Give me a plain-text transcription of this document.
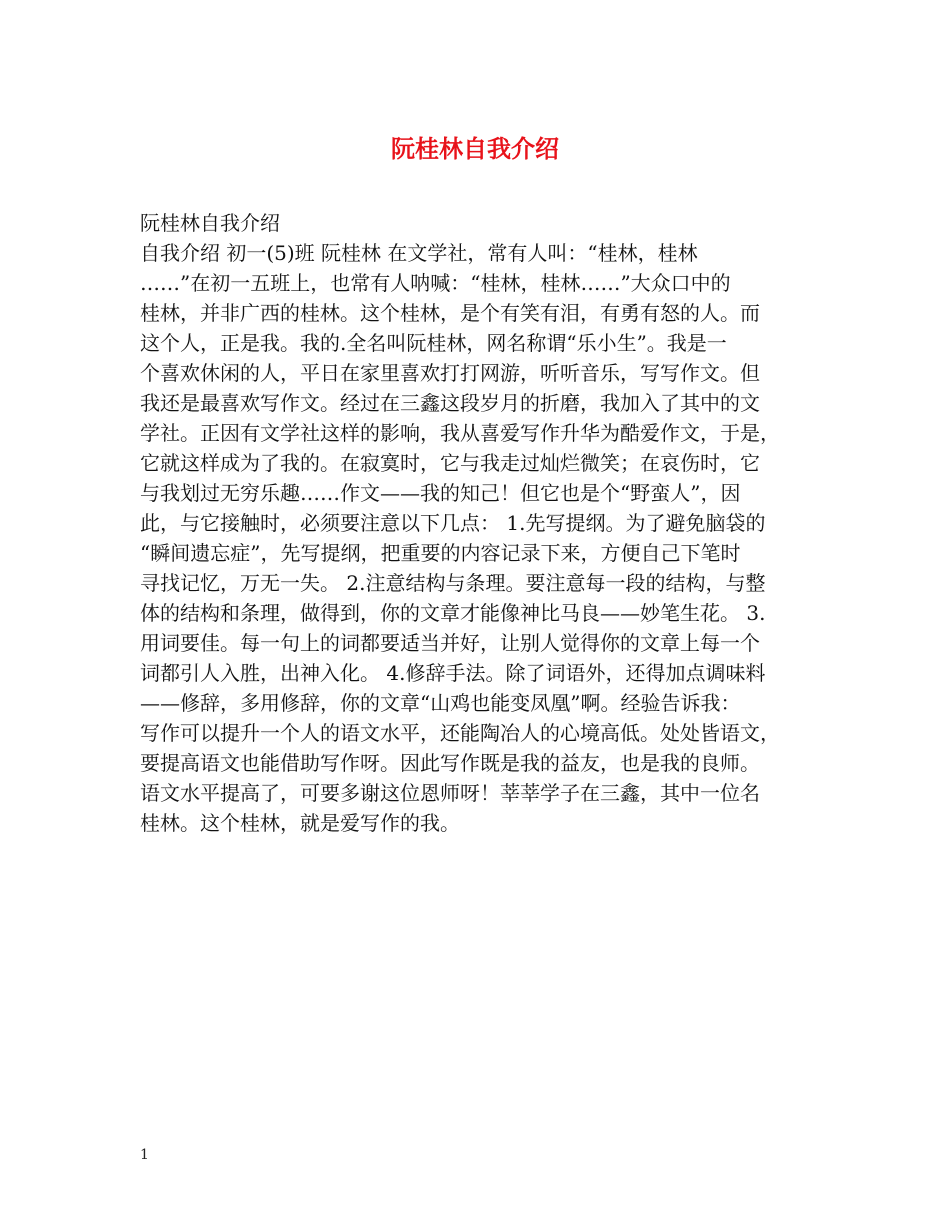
阮桂林自我介绍
阮桂林自我介绍
自我介绍 初一(5)班 阮桂林 在文学社，常有人叫：“桂林，桂林
……”在初一五班上，也常有人呐喊：“桂林，桂林……”大众口中的
桂林，并非广西的桂林。这个桂林，是个有笑有泪，有勇有怒的人。而
这个人，正是我。我的.全名叫阮桂林，网名称谓“乐小生”。我是一
个喜欢休闲的人，平日在家里喜欢打打网游，听听音乐，写写作文。但
我还是最喜欢写作文。经过在三鑫这段岁月的折磨，我加入了其中的文
学社。正因有文学社这样的影响，我从喜爱写作升华为酷爱作文，于是，
它就这样成为了我的。在寂寞时，它与我走过灿烂微笑；在哀伤时，它
与我划过无穷乐趣……作文——我的知己！但它也是个“野蛮人”，因
此，与它接触时，必须要注意以下几点： 1.先写提纲。为了避免脑袋的
“瞬间遗忘症”，先写提纲，把重要的内容记录下来，方便自己下笔时
寻找记忆，万无一失。 2.注意结构与条理。要注意每一段的结构，与整
体的结构和条理，做得到，你的文章才能像神比马良——妙笔生花。 3.
用词要佳。每一句上的词都要适当并好，让别人觉得你的文章上每一个
词都引人入胜，出神入化。 4.修辞手法。除了词语外，还得加点调味料
——修辞，多用修辞，你的文章“山鸡也能变凤凰”啊。经验告诉我：
写作可以提升一个人的语文水平，还能陶冶人的心境高低。处处皆语文，
要提高语文也能借助写作呀。因此写作既是我的益友，也是我的良师。
语文水平提高了，可要多谢这位恩师呀！莘莘学子在三鑫，其中一位名
桂林。这个桂林，就是爱写作的我。
1
